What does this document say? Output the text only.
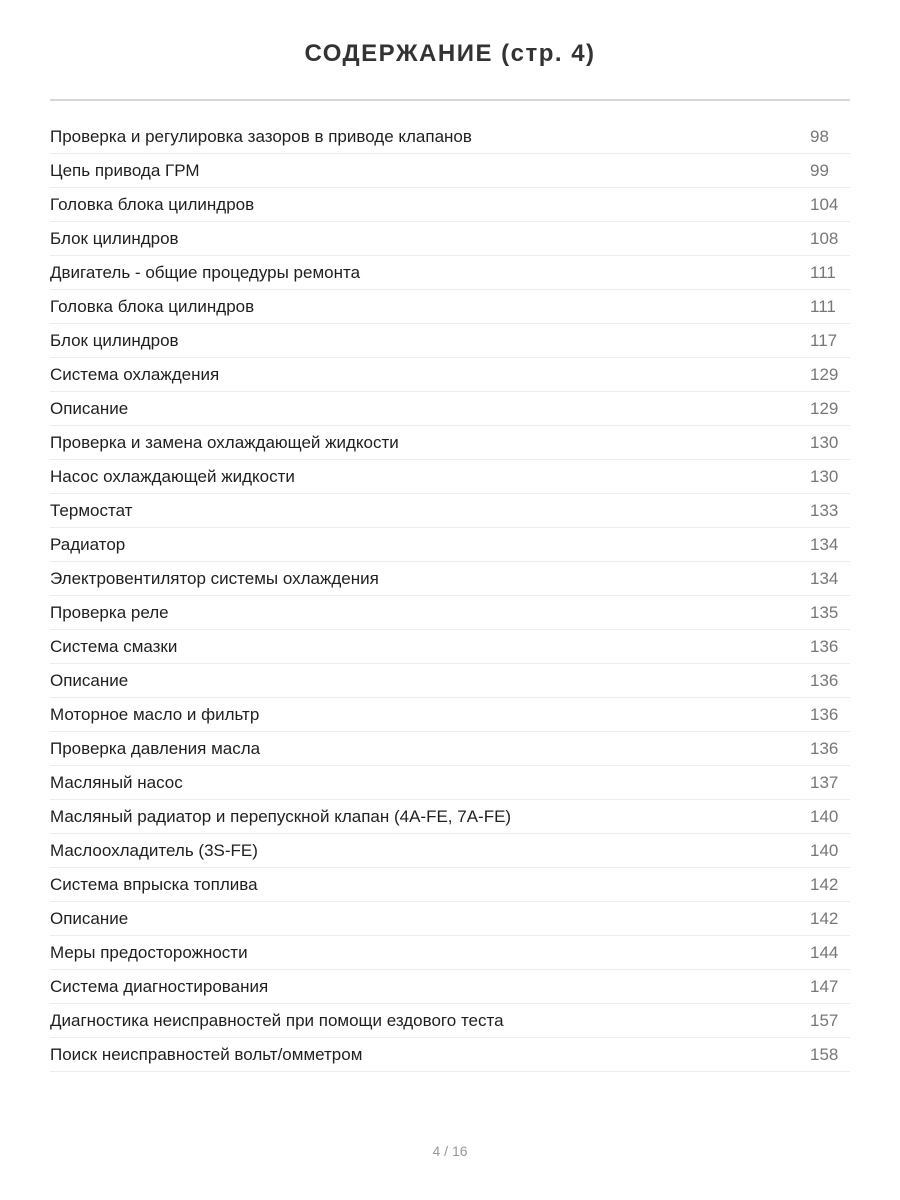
СОДЕРЖАНИЕ (стр. 4)
Проверка и регулировка зазоров в приводе клапанов	98
Цепь привода ГРМ	99
Головка блока цилиндров	104
Блок цилиндров	108
Двигатель - общие процедуры ремонта	111
Головка блока цилиндров	111
Блок цилиндров	117
Система охлаждения	129
Описание	129
Проверка и замена охлаждающей жидкости	130
Насос охлаждающей жидкости	130
Термостат	133
Радиатор	134
Электровентилятор системы охлаждения	134
Проверка реле	135
Система смазки	136
Описание	136
Моторное масло и фильтр	136
Проверка давления масла	136
Масляный насос	137
Масляный радиатор и перепускной клапан (4A-FE, 7A-FE)	140
Маслоохладитель (3S-FE)	140
Система впрыска топлива	142
Описание	142
Меры предосторожности	144
Система диагностирования	147
Диагностика неисправностей при помощи ездового теста	157
Поиск неисправностей вольт/омметром	158
4 / 16
